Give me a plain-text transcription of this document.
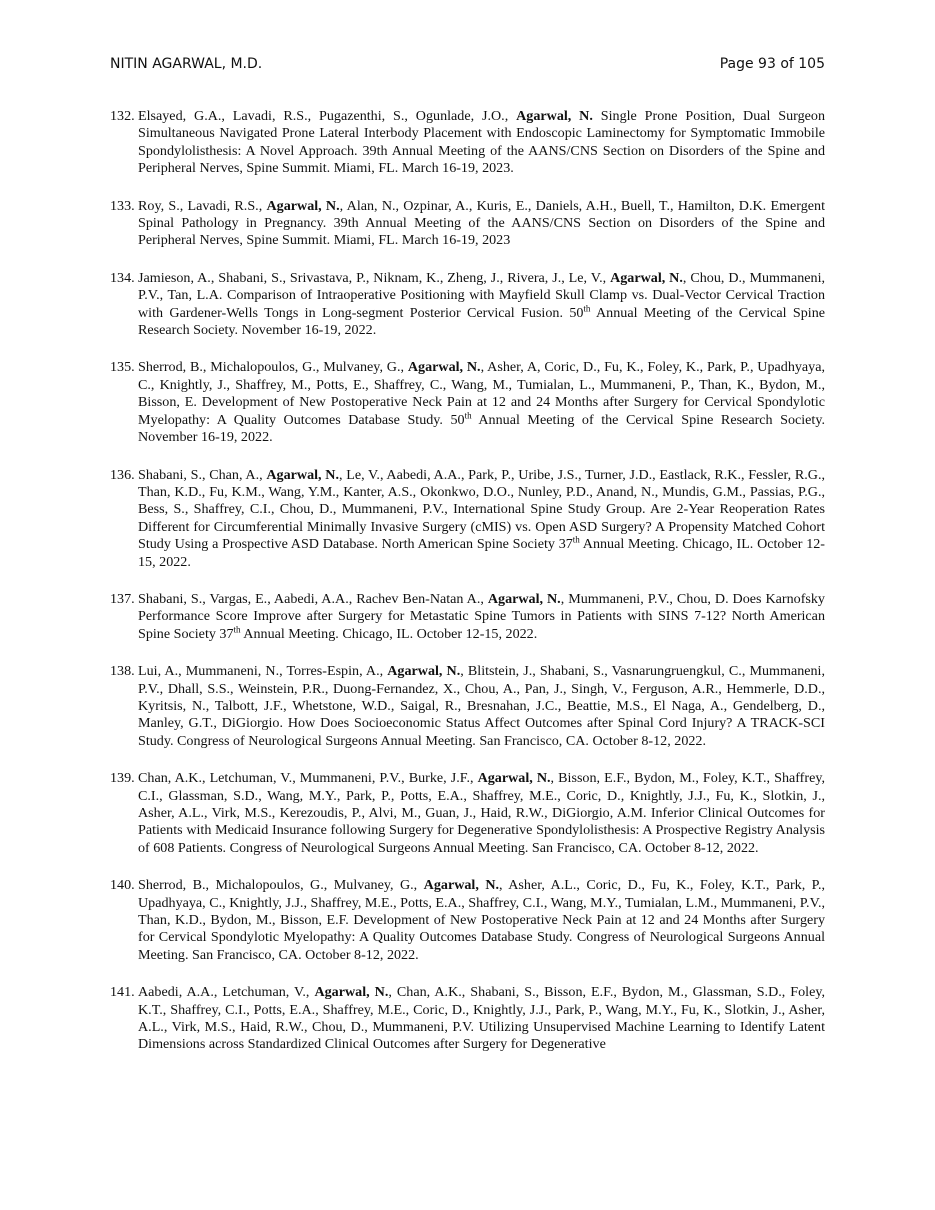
NITIN AGARWAL, M.D.	Page 93 of 105
132. Elsayed, G.A., Lavadi, R.S., Pugazenthi, S., Ogunlade, J.O., Agarwal, N. Single Prone Position, Dual Surgeon Simultaneous Navigated Prone Lateral Interbody Placement with Endoscopic Laminectomy for Symptomatic Immobile Spondylolisthesis: A Novel Approach. 39th Annual Meeting of the AANS/CNS Section on Disorders of the Spine and Peripheral Nerves, Spine Summit. Miami, FL. March 16-19, 2023.
133. Roy, S., Lavadi, R.S., Agarwal, N., Alan, N., Ozpinar, A., Kuris, E., Daniels, A.H., Buell, T., Hamilton, D.K. Emergent Spinal Pathology in Pregnancy. 39th Annual Meeting of the AANS/CNS Section on Disorders of the Spine and Peripheral Nerves, Spine Summit. Miami, FL. March 16-19, 2023
134. Jamieson, A., Shabani, S., Srivastava, P., Niknam, K., Zheng, J., Rivera, J., Le, V., Agarwal, N., Chou, D., Mummaneni, P.V., Tan, L.A. Comparison of Intraoperative Positioning with Mayfield Skull Clamp vs. Dual-Vector Cervical Traction with Gardener-Wells Tongs in Long-segment Posterior Cervical Fusion. 50th Annual Meeting of the Cervical Spine Research Society. November 16-19, 2022.
135. Sherrod, B., Michalopoulos, G., Mulvaney, G., Agarwal, N., Asher, A, Coric, D., Fu, K., Foley, K., Park, P., Upadhyaya, C., Knightly, J., Shaffrey, M., Potts, E., Shaffrey, C., Wang, M., Tumialan, L., Mummaneni, P., Than, K., Bydon, M., Bisson, E. Development of New Postoperative Neck Pain at 12 and 24 Months after Surgery for Cervical Spondylotic Myelopathy: A Quality Outcomes Database Study. 50th Annual Meeting of the Cervical Spine Research Society. November 16-19, 2022.
136. Shabani, S., Chan, A., Agarwal, N., Le, V., Aabedi, A.A., Park, P., Uribe, J.S., Turner, J.D., Eastlack, R.K., Fessler, R.G., Than, K.D., Fu, K.M., Wang, Y.M., Kanter, A.S., Okonkwo, D.O., Nunley, P.D., Anand, N., Mundis, G.M., Passias, P.G., Bess, S., Shaffrey, C.I., Chou, D., Mummaneni, P.V., International Spine Study Group. Are 2-Year Reoperation Rates Different for Circumferential Minimally Invasive Surgery (cMIS) vs. Open ASD Surgery? A Propensity Matched Cohort Study Using a Prospective ASD Database. North American Spine Society 37th Annual Meeting. Chicago, IL. October 12-15, 2022.
137. Shabani, S., Vargas, E., Aabedi, A.A., Rachev Ben-Natan A., Agarwal, N., Mummaneni, P.V., Chou, D. Does Karnofsky Performance Score Improve after Surgery for Metastatic Spine Tumors in Patients with SINS 7-12? North American Spine Society 37th Annual Meeting. Chicago, IL. October 12-15, 2022.
138. Lui, A., Mummaneni, N., Torres-Espin, A., Agarwal, N., Blitstein, J., Shabani, S., Vasnarungruengkul, C., Mummaneni, P.V., Dhall, S.S., Weinstein, P.R., Duong-Fernandez, X., Chou, A., Pan, J., Singh, V., Ferguson, A.R., Hemmerle, D.D., Kyritsis, N., Talbott, J.F., Whetstone, W.D., Saigal, R., Bresnahan, J.C., Beattie, M.S., El Naga, A., Gendelberg, D., Manley, G.T., DiGiorgio. How Does Socioeconomic Status Affect Outcomes after Spinal Cord Injury? A TRACK-SCI Study. Congress of Neurological Surgeons Annual Meeting. San Francisco, CA. October 8-12, 2022.
139. Chan, A.K., Letchuman, V., Mummaneni, P.V., Burke, J.F., Agarwal, N., Bisson, E.F., Bydon, M., Foley, K.T., Shaffrey, C.I., Glassman, S.D., Wang, M.Y., Park, P., Potts, E.A., Shaffrey, M.E., Coric, D., Knightly, J.J., Fu, K., Slotkin, J., Asher, A.L., Virk, M.S., Kerezoudis, P., Alvi, M., Guan, J., Haid, R.W., DiGiorgio, A.M. Inferior Clinical Outcomes for Patients with Medicaid Insurance following Surgery for Degenerative Spondylolisthesis: A Prospective Registry Analysis of 608 Patients. Congress of Neurological Surgeons Annual Meeting. San Francisco, CA. October 8-12, 2022.
140. Sherrod, B., Michalopoulos, G., Mulvaney, G., Agarwal, N., Asher, A.L., Coric, D., Fu, K., Foley, K.T., Park, P., Upadhyaya, C., Knightly, J.J., Shaffrey, M.E., Potts, E.A., Shaffrey, C.I., Wang, M.Y., Tumialan, L.M., Mummaneni, P.V., Than, K.D., Bydon, M., Bisson, E.F. Development of New Postoperative Neck Pain at 12 and 24 Months after Surgery for Cervical Spondylotic Myelopathy: A Quality Outcomes Database Study. Congress of Neurological Surgeons Annual Meeting. San Francisco, CA. October 8-12, 2022.
141. Aabedi, A.A., Letchuman, V., Agarwal, N., Chan, A.K., Shabani, S., Bisson, E.F., Bydon, M., Glassman, S.D., Foley, K.T., Shaffrey, C.I., Potts, E.A., Shaffrey, M.E., Coric, D., Knightly, J.J., Park, P., Wang, M.Y., Fu, K., Slotkin, J., Asher, A.L., Virk, M.S., Haid, R.W., Chou, D., Mummaneni, P.V. Utilizing Unsupervised Machine Learning to Identify Latent Dimensions across Standardized Clinical Outcomes after Surgery for Degenerative
